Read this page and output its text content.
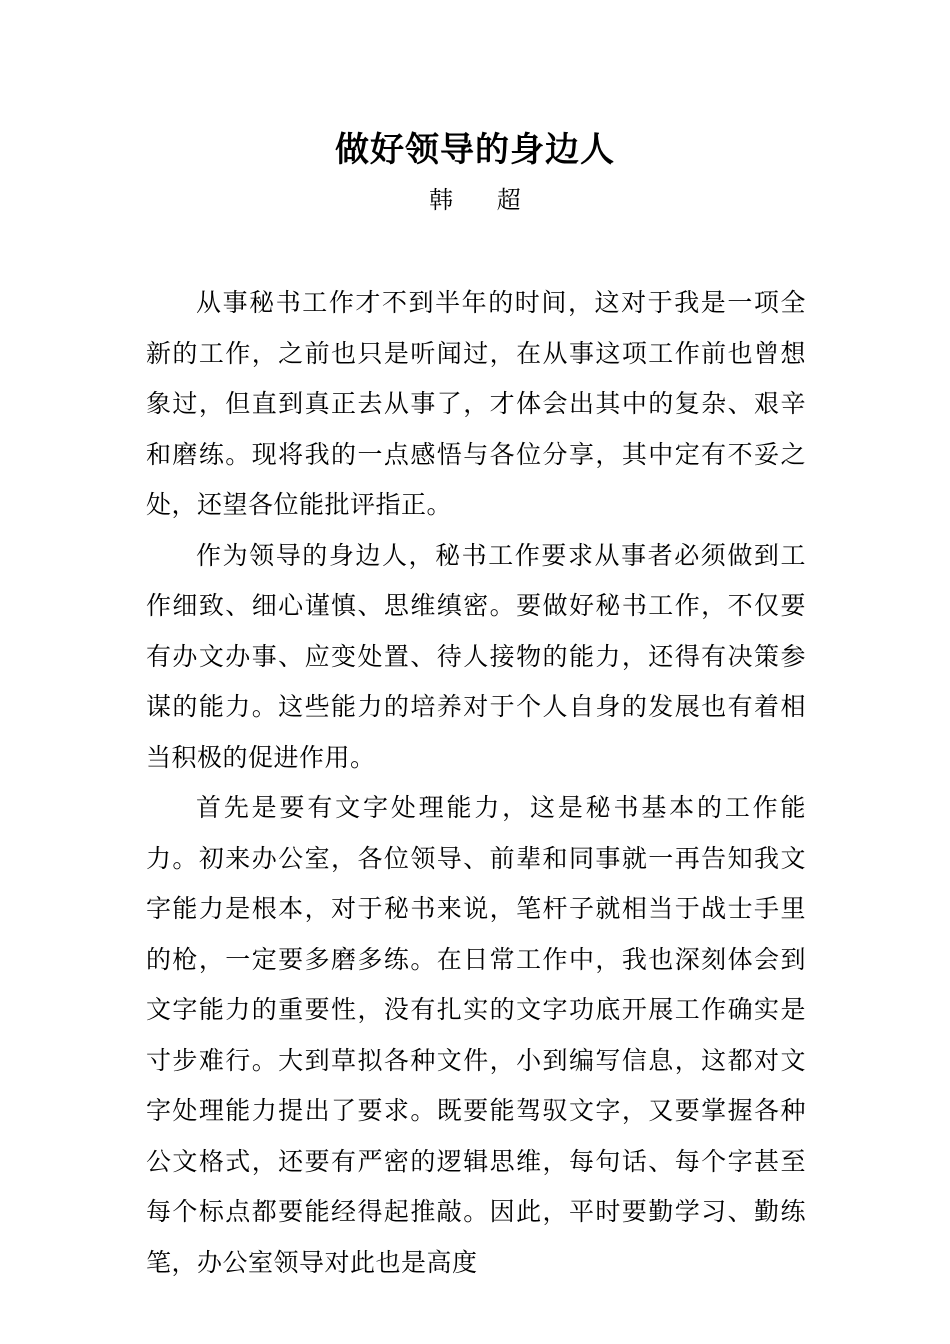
做好领导的身边人
韩 超

从事秘书工作才不到半年的时间，这对于我是一项全新的工作，之前也只是听闻过，在从事这项工作前也曾想象过，但直到真正去从事了，才体会出其中的复杂、艰辛和磨练。现将我的一点感悟与各位分享，其中定有不妥之处，还望各位能批评指正。

作为领导的身边人，秘书工作要求从事者必须做到工作细致、细心谨慎、思维缜密。要做好秘书工作，不仅要有办文办事、应变处置、待人接物的能力，还得有决策参谋的能力。这些能力的培养对于个人自身的发展也有着相当积极的促进作用。

首先是要有文字处理能力，这是秘书基本的工作能力。初来办公室，各位领导、前辈和同事就一再告知我文字能力是根本，对于秘书来说，笔杆子就相当于战士手里的枪，一定要多磨多练。在日常工作中，我也深刻体会到文字能力的重要性，没有扎实的文字功底开展工作确实是寸步难行。大到草拟各种文件，小到编写信息，这都对文字处理能力提出了要求。既要能驾驭文字，又要掌握各种公文格式，还要有严密的逻辑思维，每句话、每个字甚至每个标点都要能经得起推敲。因此，平时要勤学习、勤练笔，办公室领导对此也是高度
